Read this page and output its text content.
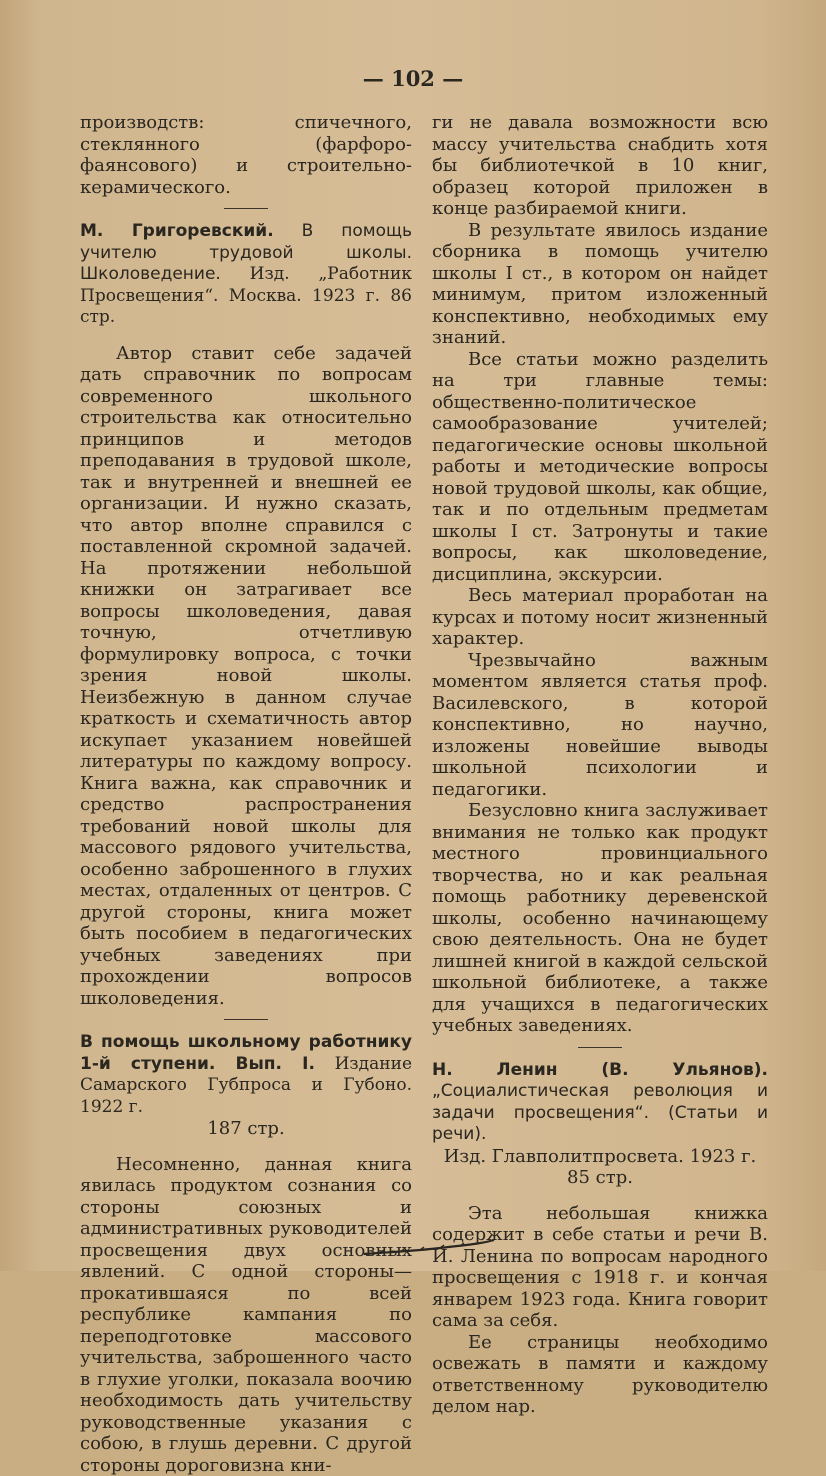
— 102 —

производств: спичечного, стеклянного (фарфоро-фаянсового) и строительно-керамического.

М. Григоревский. В помощь учителю трудовой школы. Школоведение. Изд. „Работник Просвещения“. Москва. 1923 г. 86 стр.

Автор ставит себе задачей дать справочник по вопросам современного школьного строительства как относительно принципов и методов преподавания в трудовой школе, так и внутренней и внешней ее организации. И нужно сказать, что автор вполне справился с поставленной скромной задачей. На протяжении небольшой книжки он затрагивает все вопросы школоведения, давая точную, отчетливую формулировку вопроса, с точки зрения новой школы. Неизбежную в данном случае краткость и схематичность автор искупает указанием новейшей литературы по каждому вопросу. Книга важна, как справочник и средство распространения требований новой школы для массового рядового учительства, особенно заброшенного в глухих местах, отдаленных от центров. С другой стороны, книга может быть пособием в педагогических учебных заведениях при прохождении вопросов школоведения.

В помощь школьному работнику 1-й ступени. Вып. I. Издание Самарского Губпроса и Губоно. 1922 г.

187 стр.

Несомненно, данная книга явилась продуктом сознания со стороны союзных и административных руководителей просвещения двух основных явлений. С одной стороны—прокатившаяся по всей республике кампания по переподготовке массового учительства, заброшенного часто в глухие уголки, показала воочию необходимость дать учительству руководственные указания с собою, в глушь деревни. С другой стороны дороговизна кни-

ги не давала возможности всю массу учительства снабдить хотя бы библиотечкой в 10 книг, образец которой приложен в конце разбираемой книги.

В результате явилось издание сборника в помощь учителю школы I ст., в котором он найдет минимум, притом изложенный конспективно, необходимых ему знаний.

Все статьи можно разделить на три главные темы: общественно-политическое самообразование учителей; педагогические основы школьной работы и методические вопросы новой трудовой школы, как общие, так и по отдельным предметам школы I ст. Затронуты и такие вопросы, как школоведение, дисциплина, экскурсии.

Весь материал проработан на курсах и потому носит жизненный характер.

Чрезвычайно важным моментом является статья проф. Василевского, в которой конспективно, но научно, изложены новейшие выводы школьной психологии и педагогики.

Безусловно книга заслуживает внимания не только как продукт местного провинциального творчества, но и как реальная помощь работнику деревенской школы, особенно начинающему свою деятельность. Она не будет лишней книгой в каждой сельской школьной библиотеке, а также для учащихся в педагогических учебных заведениях.

Н. Ленин (В. Ульянов). „Социалистическая революция и задачи просвещения“. (Статьи и речи).

Изд. Главполитпросвета. 1923 г.

85 стр.

Эта небольшая книжка содержит в себе статьи и речи В. И. Ленина по вопросам народного просвещения с 1918 г. и кончая январем 1923 года. Книга говорит сама за себя.

Ее страницы необходимо освежать в памяти и каждому ответственному руководителю делом нар.
